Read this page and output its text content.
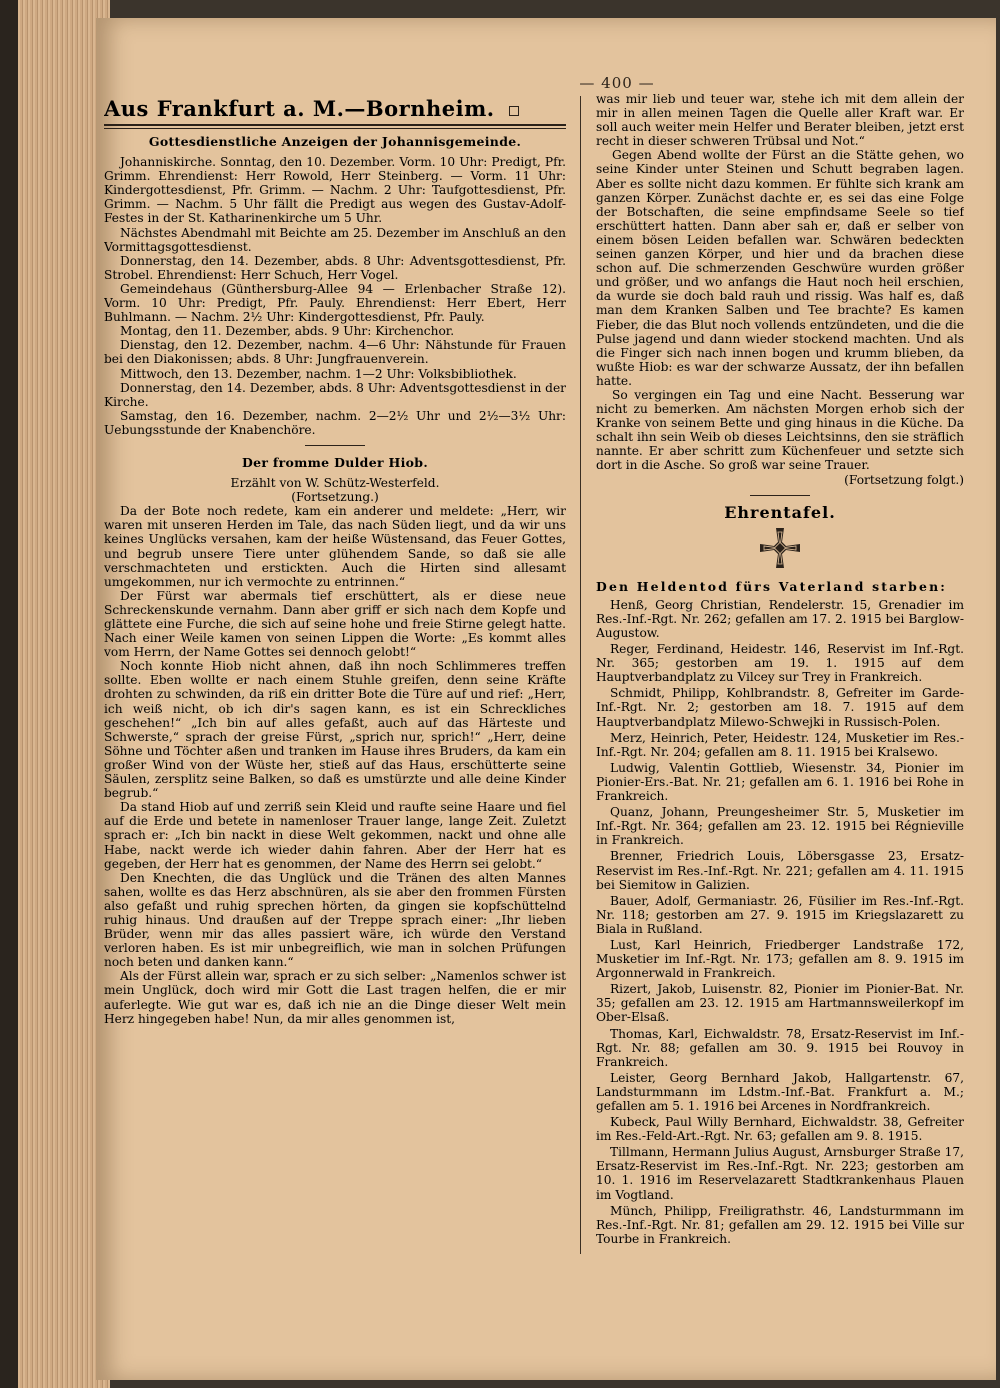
— 400 —
Aus Frankfurt a. M.—Bornheim.
Gottesdienstliche Anzeigen der Johannisgemeinde.

Johanniskirche. Sonntag, den 10. Dezember. Vorm. 10 Uhr: Predigt, Pfr. Grimm. Ehrendienst: Herr Rowold, Herr Steinberg. — Vorm. 11 Uhr: Kindergottesdienst, Pfr. Grimm. — Nachm. 2 Uhr: Taufgottesdienst, Pfr. Grimm. — Nachm. 5 Uhr fällt die Predigt aus wegen des Gustav-Adolf-Festes in der St. Katharinenkirche um 5 Uhr.

Nächstes Abendmahl mit Beichte am 25. Dezember im Anschluß an den Vormittagsgottesdienst.

Donnerstag, den 14. Dezember, abds. 8 Uhr: Adventsgottesdienst, Pfr. Strobel. Ehrendienst: Herr Schuch, Herr Vogel.

Gemeindehaus (Günthersburg-Allee 94 — Erlenbacher Straße 12). Vorm. 10 Uhr: Predigt, Pfr. Pauly. Ehrendienst: Herr Ebert, Herr Buhlmann. — Nachm. 2½ Uhr: Kindergottesdienst, Pfr. Pauly.

Montag, den 11. Dezember, abds. 9 Uhr: Kirchenchor.

Dienstag, den 12. Dezember, nachm. 4—6 Uhr: Nähstunde für Frauen bei den Diakonissen; abds. 8 Uhr: Jungfrauenverein.

Mittwoch, den 13. Dezember, nachm. 1—2 Uhr: Volksbibliothek.

Donnerstag, den 14. Dezember, abds. 8 Uhr: Adventsgottesdienst in der Kirche.

Samstag, den 16. Dezember, nachm. 2—2½ Uhr und 2½—3½ Uhr: Uebungsstunde der Knabenchöre.

Der fromme Dulder Hiob.

Erzählt von W. Schütz-Westerfeld.

(Fortsetzung.)

Da der Bote noch redete, kam ein anderer und meldete: „Herr, wir waren mit unseren Herden im Tale, das nach Süden liegt, und da wir uns keines Unglücks versahen, kam der heiße Wüstensand, das Feuer Gottes, und begrub unsere Tiere unter glühendem Sande, so daß sie alle verschmachteten und erstickten. Auch die Hirten sind allesamt umgekommen, nur ich vermochte zu entrinnen.“

Der Fürst war abermals tief erschüttert, als er diese neue Schreckenskunde vernahm. Dann aber griff er sich nach dem Kopfe und glättete eine Furche, die sich auf seine hohe und freie Stirne gelegt hatte. Nach einer Weile kamen von seinen Lippen die Worte: „Es kommt alles vom Herrn, der Name Gottes sei dennoch gelobt!“

Noch konnte Hiob nicht ahnen, daß ihn noch Schlimmeres treffen sollte. Eben wollte er nach einem Stuhle greifen, denn seine Kräfte drohten zu schwinden, da riß ein dritter Bote die Türe auf und rief: „Herr, ich weiß nicht, ob ich dir's sagen kann, es ist ein Schreckliches geschehen!“ „Ich bin auf alles gefaßt, auch auf das Härteste und Schwerste,“ sprach der greise Fürst, „sprich nur, sprich!“ „Herr, deine Söhne und Töchter aßen und tranken im Hause ihres Bruders, da kam ein großer Wind von der Wüste her, stieß auf das Haus, erschütterte seine Säulen, zersplitz seine Balken, so daß es umstürzte und alle deine Kinder begrub.“

Da stand Hiob auf und zerriß sein Kleid und raufte seine Haare und fiel auf die Erde und betete in namenloser Trauer lange, lange Zeit. Zuletzt sprach er: „Ich bin nackt in diese Welt gekommen, nackt und ohne alle Habe, nackt werde ich wieder dahin fahren. Aber der Herr hat es gegeben, der Herr hat es genommen, der Name des Herrn sei gelobt.“

Den Knechten, die das Unglück und die Tränen des alten Mannes sahen, wollte es das Herz abschnüren, als sie aber den frommen Fürsten also gefaßt und ruhig sprechen hörten, da gingen sie kopfschüttelnd ruhig hinaus. Und draußen auf der Treppe sprach einer: „Ihr lieben Brüder, wenn mir das alles passiert wäre, ich würde den Verstand verloren haben. Es ist mir unbegreiflich, wie man in solchen Prüfungen noch beten und danken kann.“

Als der Fürst allein war, sprach er zu sich selber: „Namenlos schwer ist mein Unglück, doch wird mir Gott die Last tragen helfen, die er mir auferlegte. Wie gut war es, daß ich nie an die Dinge dieser Welt mein Herz hingegeben habe! Nun, da mir alles genommen ist,

was mir lieb und teuer war, stehe ich mit dem allein der mir in allen meinen Tagen die Quelle aller Kraft war. Er soll auch weiter mein Helfer und Berater bleiben, jetzt erst recht in dieser schweren Trübsal und Not.“

Gegen Abend wollte der Fürst an die Stätte gehen, wo seine Kinder unter Steinen und Schutt begraben lagen. Aber es sollte nicht dazu kommen. Er fühlte sich krank am ganzen Körper. Zunächst dachte er, es sei das eine Folge der Botschaften, die seine empfindsame Seele so tief erschüttert hatten. Dann aber sah er, daß er selber von einem bösen Leiden befallen war. Schwären bedeckten seinen ganzen Körper, und hier und da brachen diese schon auf. Die schmerzenden Geschwüre wurden größer und größer, und wo anfangs die Haut noch heil erschien, da wurde sie doch bald rauh und rissig. Was half es, daß man dem Kranken Salben und Tee brachte? Es kamen Fieber, die das Blut noch vollends entzündeten, und die die Pulse jagend und dann wieder stockend machten. Und als die Finger sich nach innen bogen und krumm blieben, da wußte Hiob: es war der schwarze Aussatz, der ihn befallen hatte.

So vergingen ein Tag und eine Nacht. Besserung war nicht zu bemerken. Am nächsten Morgen erhob sich der Kranke von seinem Bette und ging hinaus in die Küche. Da schalt ihn sein Weib ob dieses Leichtsinns, den sie sträflich nannte. Er aber schritt zum Küchenfeuer und setzte sich dort in die Asche. So groß war seine Trauer.

(Fortsetzung folgt.)

Ehrentafel.

Den Heldentod fürs Vaterland starben:

Henß, Georg Christian, Rendelerstr. 15, Grenadier im Res.-Inf.-Rgt. Nr. 262; gefallen am 17. 2. 1915 bei Barglow-Augustow.

Reger, Ferdinand, Heidestr. 146, Reservist im Inf.-Rgt. Nr. 365; gestorben am 19. 1. 1915 auf dem Hauptverbandplatz zu Vilcey sur Trey in Frankreich.

Schmidt, Philipp, Kohlbrandstr. 8, Gefreiter im Garde-Inf.-Rgt. Nr. 2; gestorben am 18. 7. 1915 auf dem Hauptverbandplatz Milewo-Schwejki in Russisch-Polen.

Merz, Heinrich, Peter, Heidestr. 124, Musketier im Res.-Inf.-Rgt. Nr. 204; gefallen am 8. 11. 1915 bei Kralsewo.

Ludwig, Valentin Gottlieb, Wiesenstr. 34, Pionier im Pionier-Ers.-Bat. Nr. 21; gefallen am 6. 1. 1916 bei Rohe in Frankreich.

Quanz, Johann, Preungesheimer Str. 5, Musketier im Inf.-Rgt. Nr. 364; gefallen am 23. 12. 1915 bei Régnieville in Frankreich.

Brenner, Friedrich Louis, Löbersgasse 23, Ersatz-Reservist im Res.-Inf.-Rgt. Nr. 221; gefallen am 4. 11. 1915 bei Siemitow in Galizien.

Bauer, Adolf, Germaniastr. 26, Füsilier im Res.-Inf.-Rgt. Nr. 118; gestorben am 27. 9. 1915 im Kriegslazarett zu Biala in Rußland.

Lust, Karl Heinrich, Friedberger Landstraße 172, Musketier im Inf.-Rgt. Nr. 173; gefallen am 8. 9. 1915 im Argonnerwald in Frankreich.

Rizert, Jakob, Luisenstr. 82, Pionier im Pionier-Bat. Nr. 35; gefallen am 23. 12. 1915 am Hartmannsweilerkopf im Ober-Elsaß.

Thomas, Karl, Eichwaldstr. 78, Ersatz-Reservist im Inf.-Rgt. Nr. 88; gefallen am 30. 9. 1915 bei Rouvoy in Frankreich.

Leister, Georg Bernhard Jakob, Hallgartenstr. 67, Landsturmmann im Ldstm.-Inf.-Bat. Frankfurt a. M.; gefallen am 5. 1. 1916 bei Arcenes in Nordfrankreich.

Kubeck, Paul Willy Bernhard, Eichwaldstr. 38, Gefreiter im Res.-Feld-Art.-Rgt. Nr. 63; gefallen am 9. 8. 1915.

Tillmann, Hermann Julius August, Arnsburger Straße 17, Ersatz-Reservist im Res.-Inf.-Rgt. Nr. 223; gestorben am 10. 1. 1916 im Reservelazarett Stadtkrankenhaus Plauen im Vogtland.

Münch, Philipp, Freiligrathstr. 46, Landsturmmann im Res.-Inf.-Rgt. Nr. 81; gefallen am 29. 12. 1915 bei Ville sur Tourbe in Frankreich.
